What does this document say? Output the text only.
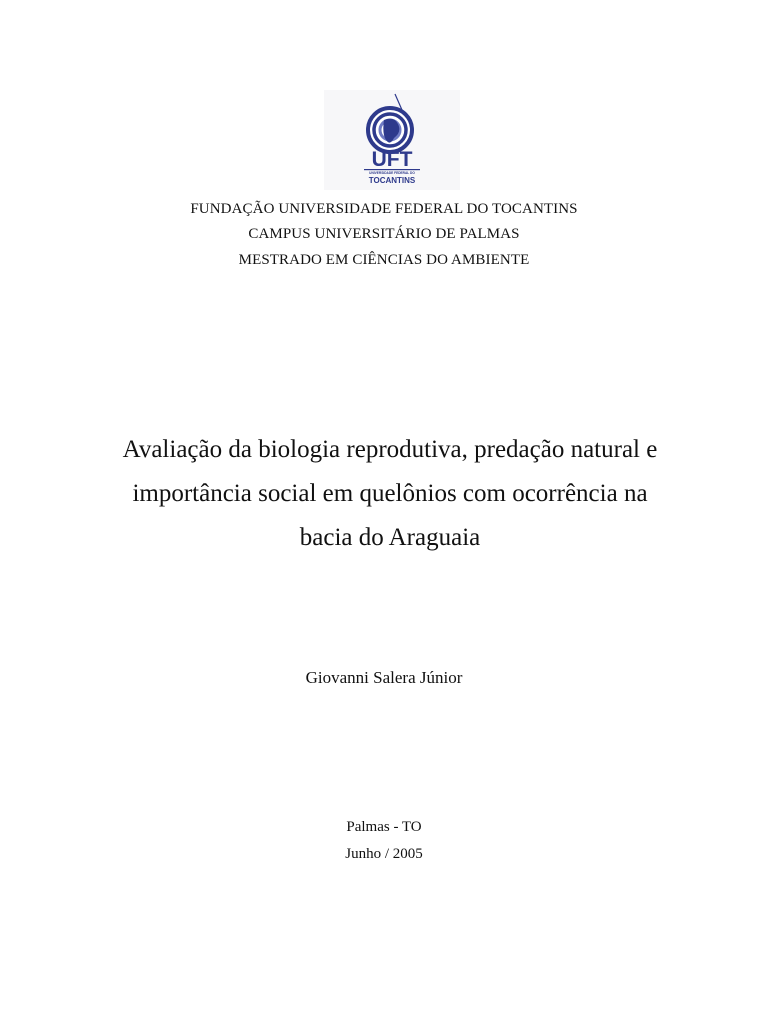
UFT
UNIVERSIDADE FEDERAL DO
TOCANTINS
FUNDAÇÃO UNIVERSIDADE FEDERAL DO TOCANTINS
CAMPUS UNIVERSITÁRIO DE PALMAS
MESTRADO EM CIÊNCIAS DO AMBIENTE
Avaliação da biologia reprodutiva, predação natural e
importância social em quelônios com ocorrência na
bacia do Araguaia
Giovanni Salera Júnior
Palmas - TO
Junho / 2005
